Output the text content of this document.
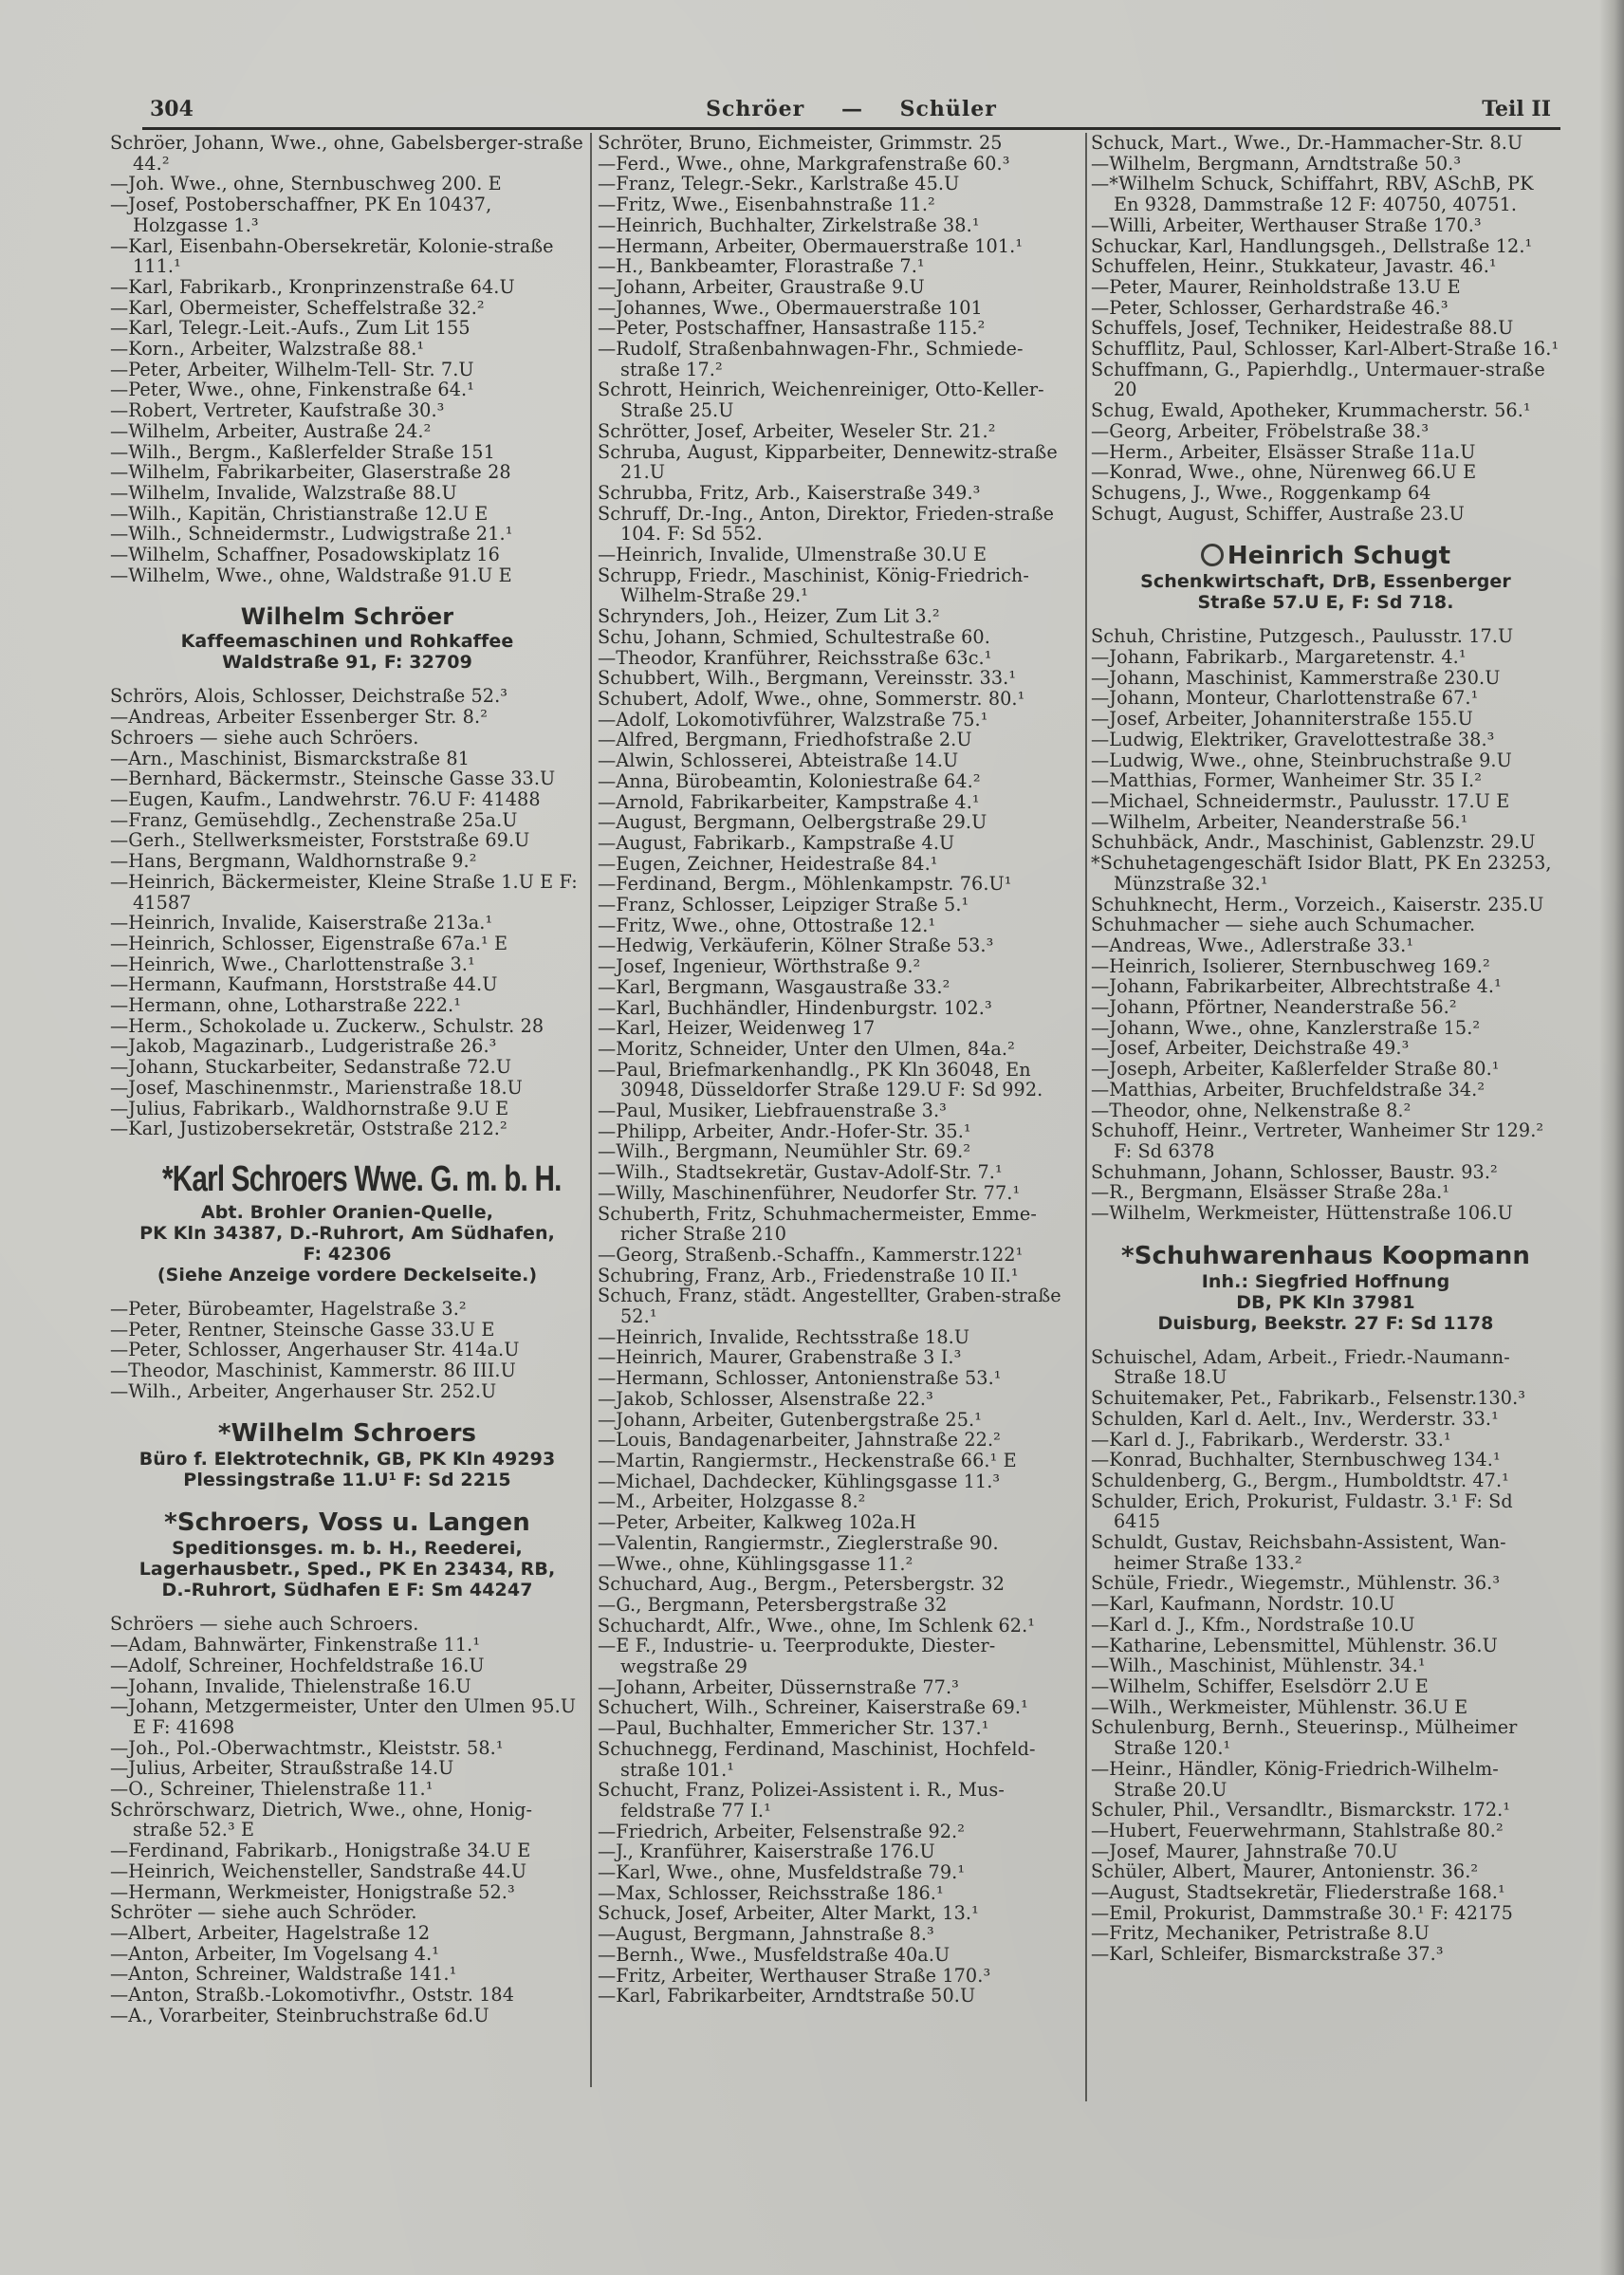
304	Schröer — Schüler	Teil II

Schröer, Johann, Wwe., ohne, Gabelsberger-straße 44.²

—Joh. Wwe., ohne, Sternbuschweg 200. E

—Josef, Postoberschaffner, PK En 10437, Holzgasse 1.³

—Karl, Eisenbahn-Obersekretär, Kolonie-straße 111.¹

—Karl, Fabrikarb., Kronprinzenstraße 64.U

—Karl, Obermeister, Scheffelstraße 32.²

—Karl, Telegr.-Leit.-Aufs., Zum Lit 155

—Korn., Arbeiter, Walzstraße 88.¹

—Peter, Arbeiter, Wilhelm-Tell- Str. 7.U

—Peter, Wwe., ohne, Finkenstraße 64.¹

—Robert, Vertreter, Kaufstraße 30.³

—Wilhelm, Arbeiter, Austraße 24.²

—Wilh., Bergm., Kaßlerfelder Straße 151

—Wilhelm, Fabrikarbeiter, Glaserstraße 28

—Wilhelm, Invalide, Walzstraße 88.U

—Wilh., Kapitän, Christianstraße 12.U E

—Wilh., Schneidermstr., Ludwigstraße 21.¹

—Wilhelm, Schaffner, Posadowskiplatz 16

—Wilhelm, Wwe., ohne, Waldstraße 91.U E

Wilhelm Schröer
Kaffeemaschinen und Rohkaffee
Waldstraße 91, F: 32709

Schrörs, Alois, Schlosser, Deichstraße 52.³

—Andreas, Arbeiter Essenberger Str. 8.²

Schroers — siehe auch Schröers.

—Arn., Maschinist, Bismarckstraße 81

—Bernhard, Bäckermstr., Steinsche Gasse 33.U

—Eugen, Kaufm., Landwehrstr. 76.U F: 41488

—Franz, Gemüsehdlg., Zechenstraße 25a.U

—Gerh., Stellwerksmeister, Forststraße 69.U

—Hans, Bergmann, Waldhornstraße 9.²

—Heinrich, Bäckermeister, Kleine Straße 1.U E F: 41587

—Heinrich, Invalide, Kaiserstraße 213a.¹

—Heinrich, Schlosser, Eigenstraße 67a.¹ E

—Heinrich, Wwe., Charlottenstraße 3.¹

—Hermann, Kaufmann, Horststraße 44.U

—Hermann, ohne, Lotharstraße 222.¹

—Herm., Schokolade u. Zuckerw., Schulstr. 28

—Jakob, Magazinarb., Ludgeristraße 26.³

—Johann, Stuckarbeiter, Sedanstraße 72.U

—Josef, Maschinenmstr., Marienstraße 18.U

—Julius, Fabrikarb., Waldhornstraße 9.U E

—Karl, Justizobersekretär, Oststraße 212.²

*Karl Schroers Wwe. G. m. b. H.
Abt. Brohler Oranien-Quelle,
PK Kln 34387, D.-Ruhrort, Am Südhafen,
F: 42306
(Siehe Anzeige vordere Deckelseite.)

—Peter, Bürobeamter, Hagelstraße 3.²

—Peter, Rentner, Steinsche Gasse 33.U E

—Peter, Schlosser, Angerhauser Str. 414a.U

—Theodor, Maschinist, Kammerstr. 86 III.U

—Wilh., Arbeiter, Angerhauser Str. 252.U

*Wilhelm Schroers
Büro f. Elektrotechnik, GB, PK Kln 49293
Plessingstraße 11.U¹ F: Sd 2215
*Schroers, Voss u. Langen
Speditionsges. m. b. H., Reederei,
Lagerhausbetr., Sped., PK En 23434, RB,
D.-Ruhrort, Südhafen E F: Sm 44247

Schröers — siehe auch Schroers.

—Adam, Bahnwärter, Finkenstraße 11.¹

—Adolf, Schreiner, Hochfeldstraße 16.U

—Johann, Invalide, Thielenstraße 16.U

—Johann, Metzgermeister, Unter den Ulmen 95.U E F: 41698

—Joh., Pol.-Oberwachtmstr., Kleiststr. 58.¹

—Julius, Arbeiter, Straußstraße 14.U

—O., Schreiner, Thielenstraße 11.¹

Schrörschwarz, Dietrich, Wwe., ohne, Honig-straße 52.³ E

—Ferdinand, Fabrikarb., Honigstraße 34.U E

—Heinrich, Weichensteller, Sandstraße 44.U

—Hermann, Werkmeister, Honigstraße 52.³

Schröter — siehe auch Schröder.

—Albert, Arbeiter, Hagelstraße 12

—Anton, Arbeiter, Im Vogelsang 4.¹

—Anton, Schreiner, Waldstraße 141.¹

—Anton, Straßb.-Lokomotivfhr., Oststr. 184

—A., Vorarbeiter, Steinbruchstraße 6d.U

Schröter, Bruno, Eichmeister, Grimmstr. 25

—Ferd., Wwe., ohne, Markgrafenstraße 60.³

—Franz, Telegr.-Sekr., Karlstraße 45.U

—Fritz, Wwe., Eisenbahnstraße 11.²

—Heinrich, Buchhalter, Zirkelstraße 38.¹

—Hermann, Arbeiter, Obermauerstraße 101.¹

—H., Bankbeamter, Florastraße 7.¹

—Johann, Arbeiter, Graustraße 9.U

—Johannes, Wwe., Obermauerstraße 101

—Peter, Postschaffner, Hansastraße 115.²

—Rudolf, Straßenbahnwagen-Fhr., Schmiede-straße 17.²

Schrott, Heinrich, Weichenreiniger, Otto-Keller-Straße 25.U

Schrötter, Josef, Arbeiter, Weseler Str. 21.²

Schruba, August, Kipparbeiter, Dennewitz-straße 21.U

Schrubba, Fritz, Arb., Kaiserstraße 349.³

Schruff, Dr.-Ing., Anton, Direktor, Frieden-straße 104. F: Sd 552.

—Heinrich, Invalide, Ulmenstraße 30.U E

Schrupp, Friedr., Maschinist, König-Friedrich-Wilhelm-Straße 29.¹

Schrynders, Joh., Heizer, Zum Lit 3.²

Schu, Johann, Schmied, Schultestraße 60.

—Theodor, Kranführer, Reichsstraße 63c.¹

Schubbert, Wilh., Bergmann, Vereinsstr. 33.¹

Schubert, Adolf, Wwe., ohne, Sommerstr. 80.¹

—Adolf, Lokomotivführer, Walzstraße 75.¹

—Alfred, Bergmann, Friedhofstraße 2.U

—Alwin, Schlosserei, Abteistraße 14.U

—Anna, Bürobeamtin, Koloniestraße 64.²

—Arnold, Fabrikarbeiter, Kampstraße 4.¹

—August, Bergmann, Oelbergstraße 29.U

—August, Fabrikarb., Kampstraße 4.U

—Eugen, Zeichner, Heidestraße 84.¹

—Ferdinand, Bergm., Möhlenkampstr. 76.U¹

—Franz, Schlosser, Leipziger Straße 5.¹

—Fritz, Wwe., ohne, Ottostraße 12.¹

—Hedwig, Verkäuferin, Kölner Straße 53.³

—Josef, Ingenieur, Wörthstraße 9.²

—Karl, Bergmann, Wasgaustraße 33.²

—Karl, Buchhändler, Hindenburgstr. 102.³

—Karl, Heizer, Weidenweg 17

—Moritz, Schneider, Unter den Ulmen, 84a.²

—Paul, Briefmarkenhandlg., PK Kln 36048, En 30948, Düsseldorfer Straße 129.U F: Sd 992.

—Paul, Musiker, Liebfrauenstraße 3.³

—Philipp, Arbeiter, Andr.-Hofer-Str. 35.¹

—Wilh., Bergmann, Neumühler Str. 69.²

—Wilh., Stadtsekretär, Gustav-Adolf-Str. 7.¹

—Willy, Maschinenführer, Neudorfer Str. 77.¹

Schuberth, Fritz, Schuhmachermeister, Emme-richer Straße 210

—Georg, Straßenb.-Schaffn., Kammerstr.122¹

Schubring, Franz, Arb., Friedenstraße 10 II.¹

Schuch, Franz, städt. Angestellter, Graben-straße 52.¹

—Heinrich, Invalide, Rechtsstraße 18.U

—Heinrich, Maurer, Grabenstraße 3 I.³

—Hermann, Schlosser, Antonienstraße 53.¹

—Jakob, Schlosser, Alsenstraße 22.³

—Johann, Arbeiter, Gutenbergstraße 25.¹

—Louis, Bandagenarbeiter, Jahnstraße 22.²

—Martin, Rangiermstr., Heckenstraße 66.¹ E

—Michael, Dachdecker, Kühlingsgasse 11.³

—M., Arbeiter, Holzgasse 8.²

—Peter, Arbeiter, Kalkweg 102a.H

—Valentin, Rangiermstr., Zieglerstraße 90.

—Wwe., ohne, Kühlingsgasse 11.²

Schuchard, Aug., Bergm., Petersbergstr. 32

—G., Bergmann, Petersbergstraße 32

Schuchardt, Alfr., Wwe., ohne, Im Schlenk 62.¹

—E F., Industrie- u. Teerprodukte, Diester-wegstraße 29

—Johann, Arbeiter, Düssernstraße 77.³

Schuchert, Wilh., Schreiner, Kaiserstraße 69.¹

—Paul, Buchhalter, Emmericher Str. 137.¹

Schuchnegg, Ferdinand, Maschinist, Hochfeld-straße 101.¹

Schucht, Franz, Polizei-Assistent i. R., Mus-feldstraße 77 I.¹

—Friedrich, Arbeiter, Felsenstraße 92.²

—J., Kranführer, Kaiserstraße 176.U

—Karl, Wwe., ohne, Musfeldstraße 79.¹

—Max, Schlosser, Reichsstraße 186.¹

Schuck, Josef, Arbeiter, Alter Markt, 13.¹

—August, Bergmann, Jahnstraße 8.³

—Bernh., Wwe., Musfeldstraße 40a.U

—Fritz, Arbeiter, Werthauser Straße 170.³

—Karl, Fabrikarbeiter, Arndtstraße 50.U

Schuck, Mart., Wwe., Dr.-Hammacher-Str. 8.U

—Wilhelm, Bergmann, Arndtstraße 50.³

—*Wilhelm Schuck, Schiffahrt, RBV, ASchB, PK En 9328, Dammstraße 12 F: 40750, 40751.

—Willi, Arbeiter, Werthauser Straße 170.³

Schuckar, Karl, Handlungsgeh., Dellstraße 12.¹

Schuffelen, Heinr., Stukkateur, Javastr. 46.¹

—Peter, Maurer, Reinholdstraße 13.U E

—Peter, Schlosser, Gerhardstraße 46.³

Schuffels, Josef, Techniker, Heidestraße 88.U

Schufflitz, Paul, Schlosser, Karl-Albert-Straße 16.¹

Schuffmann, G., Papierhdlg., Untermauer-straße 20

Schug, Ewald, Apotheker, Krummacherstr. 56.¹

—Georg, Arbeiter, Fröbelstraße 38.³

—Herm., Arbeiter, Elsässer Straße 11a.U

—Konrad, Wwe., ohne, Nürenweg 66.U E

Schugens, J., Wwe., Roggenkamp 64

Schugt, August, Schiffer, Austraße 23.U

Heinrich Schugt
Schenkwirtschaft, DrB, Essenberger
Straße 57.U E, F: Sd 718.

Schuh, Christine, Putzgesch., Paulusstr. 17.U

—Johann, Fabrikarb., Margaretenstr. 4.¹

—Johann, Maschinist, Kammerstraße 230.U

—Johann, Monteur, Charlottenstraße 67.¹

—Josef, Arbeiter, Johanniterstraße 155.U

—Ludwig, Elektriker, Gravelottestraße 38.³

—Ludwig, Wwe., ohne, Steinbruchstraße 9.U

—Matthias, Former, Wanheimer Str. 35 I.²

—Michael, Schneidermstr., Paulusstr. 17.U E

—Wilhelm, Arbeiter, Neanderstraße 56.¹

Schuhbäck, Andr., Maschinist, Gablenzstr. 29.U

*Schuhetagengeschäft Isidor Blatt, PK En 23253, Münzstraße 32.¹

Schuhknecht, Herm., Vorzeich., Kaiserstr. 235.U

Schuhmacher — siehe auch Schumacher.

—Andreas, Wwe., Adlerstraße 33.¹

—Heinrich, Isolierer, Sternbuschweg 169.²

—Johann, Fabrikarbeiter, Albrechtstraße 4.¹

—Johann, Pförtner, Neanderstraße 56.²

—Johann, Wwe., ohne, Kanzlerstraße 15.²

—Josef, Arbeiter, Deichstraße 49.³

—Joseph, Arbeiter, Kaßlerfelder Straße 80.¹

—Matthias, Arbeiter, Bruchfeldstraße 34.²

—Theodor, ohne, Nelkenstraße 8.²

Schuhoff, Heinr., Vertreter, Wanheimer Str 129.² F: Sd 6378

Schuhmann, Johann, Schlosser, Baustr. 93.²

—R., Bergmann, Elsässer Straße 28a.¹

—Wilhelm, Werkmeister, Hüttenstraße 106.U

*Schuhwarenhaus Koopmann
Inh.: Siegfried Hoffnung
DB, PK Kln 37981
Duisburg, Beekstr. 27 F: Sd 1178

Schuischel, Adam, Arbeit., Friedr.-Naumann-Straße 18.U

Schuitemaker, Pet., Fabrikarb., Felsenstr.130.³

Schulden, Karl d. Aelt., Inv., Werderstr. 33.¹

—Karl d. J., Fabrikarb., Werderstr. 33.¹

—Konrad, Buchhalter, Sternbuschweg 134.¹

Schuldenberg, G., Bergm., Humboldtstr. 47.¹

Schulder, Erich, Prokurist, Fuldastr. 3.¹ F: Sd 6415

Schuldt, Gustav, Reichsbahn-Assistent, Wan-heimer Straße 133.²

Schüle, Friedr., Wiegemstr., Mühlenstr. 36.³

—Karl, Kaufmann, Nordstr. 10.U

—Karl d. J., Kfm., Nordstraße 10.U

—Katharine, Lebensmittel, Mühlenstr. 36.U

—Wilh., Maschinist, Mühlenstr. 34.¹

—Wilhelm, Schiffer, Eselsdörr 2.U E

—Wilh., Werkmeister, Mühlenstr. 36.U E

Schulenburg, Bernh., Steuerinsp., Mülheimer Straße 120.¹

—Heinr., Händler, König-Friedrich-Wilhelm-Straße 20.U

Schuler, Phil., Versandltr., Bismarckstr. 172.¹

—Hubert, Feuerwehrmann, Stahlstraße 80.²

—Josef, Maurer, Jahnstraße 70.U

Schüler, Albert, Maurer, Antonienstr. 36.²

—August, Stadtsekretär, Fliederstraße 168.¹

—Emil, Prokurist, Dammstraße 30.¹ F: 42175

—Fritz, Mechaniker, Petristraße 8.U

—Karl, Schleifer, Bismarckstraße 37.³
